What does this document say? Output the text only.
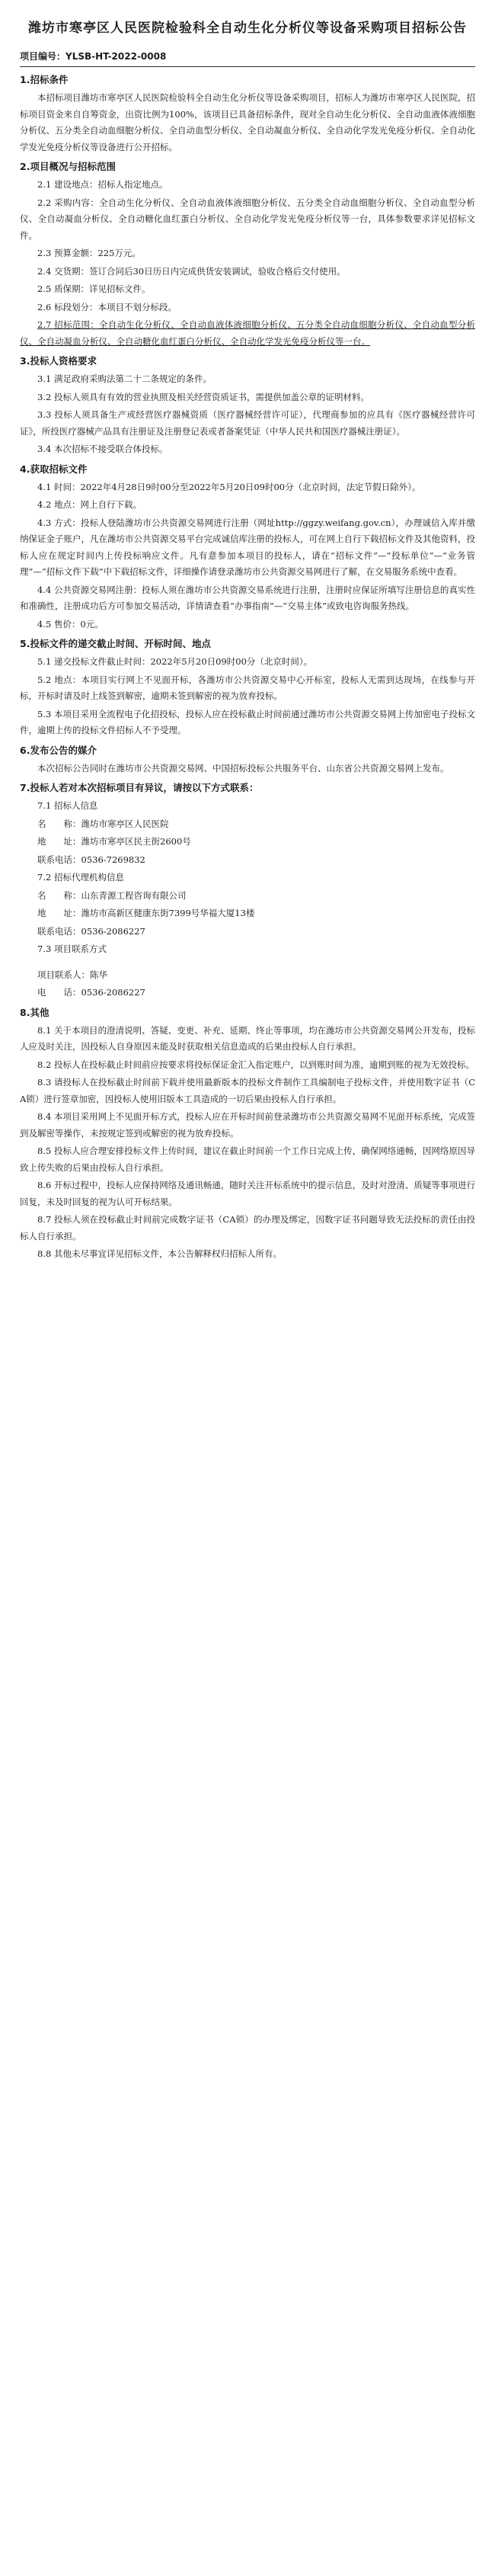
潍坊市寒亭区人民医院检验科全自动生化分析仪等设备采购项目招标公告
项目编号：YLSB-HT-2022-0008
1.招标条件

本招标项目潍坊市寒亭区人民医院检验科全自动生化分析仪等设备采购项目，招标人为潍坊市寒亭区人民医院，招标项目资金来自自筹资金，出资比例为100%，该项目已具备招标条件，现对全自动生化分析仪、全自动血液体液细胞分析仪、五分类全自动血细胞分析仪、全自动血型分析仪、全自动凝血分析仪、全自动化学发光免疫分析仪、全自动化学发光免疫分析仪等设备进行公开招标。

2.项目概况与招标范围

2.1 建设地点：招标人指定地点。

2.2 采购内容：全自动生化分析仪、全自动血液体液细胞分析仪、五分类全自动血细胞分析仪、全自动血型分析仪、全自动凝血分析仪、全自动糖化血红蛋白分析仪、全自动化学发光免疫分析仪等一台，具体参数要求详见招标文件。

2.3 预算金额：225万元。

2.4 交货期：签订合同后30日历日内完成供货安装调试，验收合格后交付使用。

2.5 质保期：详见招标文件。

2.6 标段划分：本项目不划分标段。

2.7 招标范围：全自动生化分析仪、全自动血液体液细胞分析仪、五分类全自动血细胞分析仪、全自动血型分析仪、全自动凝血分析仪、全自动糖化血红蛋白分析仪、全自动化学发光免疫分析仪等一台。

3.投标人资格要求

3.1 满足政府采购法第二十二条规定的条件。

3.2 投标人须具有有效的营业执照及相关经营资质证书，需提供加盖公章的证明材料。

3.3 投标人须具备生产或经营医疗器械资质（医疗器械经营许可证），代理商参加的应具有《医疗器械经营许可证》，所投医疗器械产品具有注册证及注册登记表或者备案凭证（中华人民共和国医疗器械注册证）。

3.4 本次招标不接受联合体投标。

4.获取招标文件

4.1 时间：2022年4月28日9时00分至2022年5月20日09时00分（北京时间，法定节假日除外）。

4.2 地点：网上自行下载。

4.3 方式：投标人登陆潍坊市公共资源交易网进行注册（网址http://ggzy.weifang.gov.cn），办理诚信入库并缴纳保证金子账户，凡在潍坊市公共资源交易平台完成诚信库注册的投标人，可在网上自行下载招标文件及其他资料，投标人应在规定时间内上传投标响应文件。凡有意参加本项目的投标人，请在“招标文件”—“投标单位”—“业务管理”—“招标文件下载”中下载招标文件，详细操作请登录潍坊市公共资源交易网进行了解，在交易服务系统中查看。

4.4 公共资源交易网注册：投标人须在潍坊市公共资源交易系统进行注册，注册时应保证所填写注册信息的真实性和准确性，注册成功后方可参加交易活动，详情请查看“办事指南”—“交易主体”或致电咨询服务热线。

4.5 售价：0元。

5.投标文件的递交截止时间、开标时间、地点

5.1 递交投标文件截止时间：2022年5月20日09时00分（北京时间）。

5.2 地点：本项目实行网上不见面开标，各潍坊市公共资源交易中心开标室，投标人无需到达现场，在线参与开标，开标时请及时上线签到解密，逾期未签到解密的视为放弃投标。

5.3 本项目采用全流程电子化招投标，投标人应在投标截止时间前通过潍坊市公共资源交易网上传加密电子投标文件，逾期上传的投标文件招标人不予受理。

6.发布公告的媒介

本次招标公告同时在潍坊市公共资源交易网、中国招标投标公共服务平台、山东省公共资源交易网上发布。

7.投标人若对本次招标项目有异议，请按以下方式联系：

7.1 招标人信息

名　　称：潍坊市寒亭区人民医院

地　　址：潍坊市寒亭区民主街2600号

联系电话：0536-7269832

7.2 招标代理机构信息

名　　称：山东青源工程咨询有限公司

地　　址：潍坊市高新区健康东街7399号华福大厦13楼

联系电话：0536-2086227

7.3 项目联系方式

项目联系人：陈华

电　　话：0536-2086227

8.其他

8.1 关于本项目的澄清说明、答疑、变更、补充、延期、终止等事项，均在潍坊市公共资源交易网公开发布，投标人应及时关注，因投标人自身原因未能及时获取相关信息造成的后果由投标人自行承担。

8.2 投标人在投标截止时间前应按要求将投标保证金汇入指定账户，以到账时间为准，逾期到账的视为无效投标。

8.3 请投标人在投标截止时间前下载并使用最新版本的投标文件制作工具编制电子投标文件，并使用数字证书（CA锁）进行签章加密，因投标人使用旧版本工具造成的一切后果由投标人自行承担。

8.4 本项目采用网上不见面开标方式，投标人应在开标时间前登录潍坊市公共资源交易网不见面开标系统，完成签到及解密等操作，未按规定签到或解密的视为放弃投标。

8.5 投标人应合理安排投标文件上传时间，建议在截止时间前一个工作日完成上传，确保网络通畅，因网络原因导致上传失败的后果由投标人自行承担。

8.6 开标过程中，投标人应保持网络及通讯畅通，随时关注开标系统中的提示信息，及时对澄清、质疑等事项进行回复，未及时回复的视为认可开标结果。

8.7 投标人须在投标截止时间前完成数字证书（CA锁）的办理及绑定，因数字证书问题导致无法投标的责任由投标人自行承担。

8.8 其他未尽事宜详见招标文件，本公告解释权归招标人所有。
